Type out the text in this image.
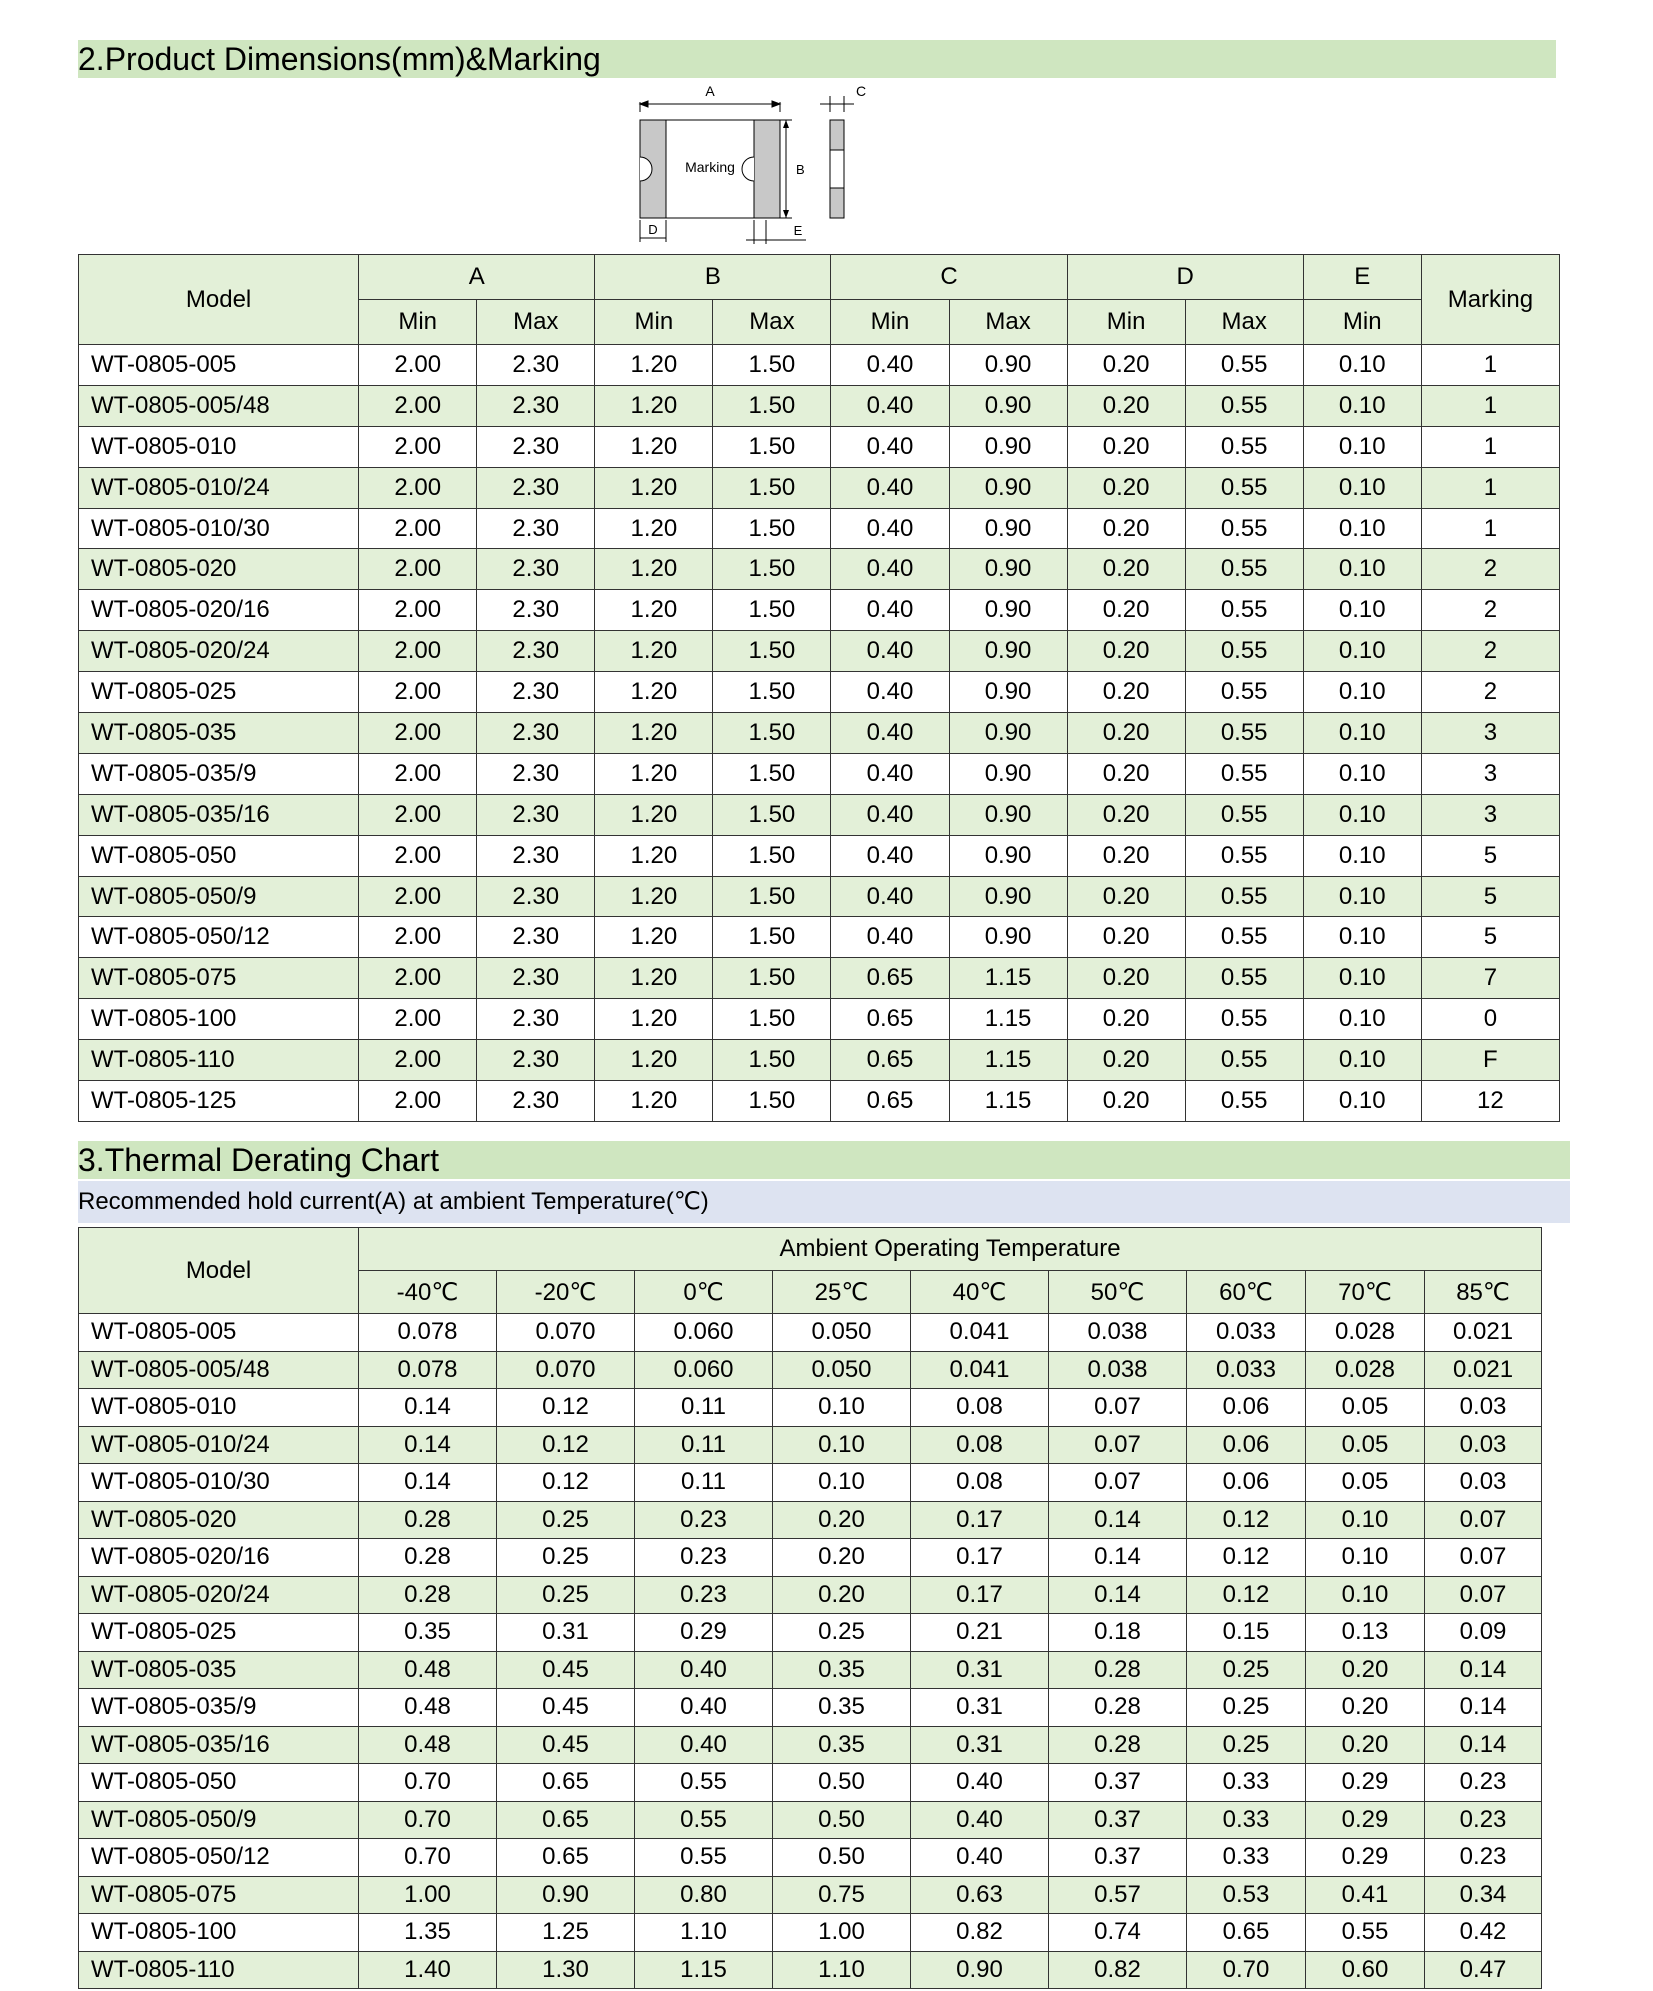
2.Product Dimensions(mm)&Marking
A
Marking	B
C
D	E
Model	A		B		C		D		E	Marking
	Min	Max	Min	Max	Min	Max	Min	Max	Min	
WT-0805-005	2.00	2.30	1.20	1.50	0.40	0.90	0.20	0.55	0.10	1
WT-0805-005/48	2.00	2.30	1.20	1.50	0.40	0.90	0.20	0.55	0.10	1
WT-0805-010	2.00	2.30	1.20	1.50	0.40	0.90	0.20	0.55	0.10	1
WT-0805-010/24	2.00	2.30	1.20	1.50	0.40	0.90	0.20	0.55	0.10	1
WT-0805-010/30	2.00	2.30	1.20	1.50	0.40	0.90	0.20	0.55	0.10	1
WT-0805-020	2.00	2.30	1.20	1.50	0.40	0.90	0.20	0.55	0.10	2
WT-0805-020/16	2.00	2.30	1.20	1.50	0.40	0.90	0.20	0.55	0.10	2
WT-0805-020/24	2.00	2.30	1.20	1.50	0.40	0.90	0.20	0.55	0.10	2
WT-0805-025	2.00	2.30	1.20	1.50	0.40	0.90	0.20	0.55	0.10	2
WT-0805-035	2.00	2.30	1.20	1.50	0.40	0.90	0.20	0.55	0.10	3
WT-0805-035/9	2.00	2.30	1.20	1.50	0.40	0.90	0.20	0.55	0.10	3
WT-0805-035/16	2.00	2.30	1.20	1.50	0.40	0.90	0.20	0.55	0.10	3
WT-0805-050	2.00	2.30	1.20	1.50	0.40	0.90	0.20	0.55	0.10	5
WT-0805-050/9	2.00	2.30	1.20	1.50	0.40	0.90	0.20	0.55	0.10	5
WT-0805-050/12	2.00	2.30	1.20	1.50	0.40	0.90	0.20	0.55	0.10	5
WT-0805-075	2.00	2.30	1.20	1.50	0.65	1.15	0.20	0.55	0.10	7
WT-0805-100	2.00	2.30	1.20	1.50	0.65	1.15	0.20	0.55	0.10	0
WT-0805-110	2.00	2.30	1.20	1.50	0.65	1.15	0.20	0.55	0.10	F
WT-0805-125	2.00	2.30	1.20	1.50	0.65	1.15	0.20	0.55	0.10	12
3.Thermal Derating Chart
Recommended hold current(A) at ambient Temperature(℃)
Model	Ambient Operating Temperature								
	-40℃	-20℃	0℃	25℃	40℃	50℃	60℃	70℃	85℃
WT-0805-005	0.078	0.070	0.060	0.050	0.041	0.038	0.033	0.028	0.021
WT-0805-005/48	0.078	0.070	0.060	0.050	0.041	0.038	0.033	0.028	0.021
WT-0805-010	0.14	0.12	0.11	0.10	0.08	0.07	0.06	0.05	0.03
WT-0805-010/24	0.14	0.12	0.11	0.10	0.08	0.07	0.06	0.05	0.03
WT-0805-010/30	0.14	0.12	0.11	0.10	0.08	0.07	0.06	0.05	0.03
WT-0805-020	0.28	0.25	0.23	0.20	0.17	0.14	0.12	0.10	0.07
WT-0805-020/16	0.28	0.25	0.23	0.20	0.17	0.14	0.12	0.10	0.07
WT-0805-020/24	0.28	0.25	0.23	0.20	0.17	0.14	0.12	0.10	0.07
WT-0805-025	0.35	0.31	0.29	0.25	0.21	0.18	0.15	0.13	0.09
WT-0805-035	0.48	0.45	0.40	0.35	0.31	0.28	0.25	0.20	0.14
WT-0805-035/9	0.48	0.45	0.40	0.35	0.31	0.28	0.25	0.20	0.14
WT-0805-035/16	0.48	0.45	0.40	0.35	0.31	0.28	0.25	0.20	0.14
WT-0805-050	0.70	0.65	0.55	0.50	0.40	0.37	0.33	0.29	0.23
WT-0805-050/9	0.70	0.65	0.55	0.50	0.40	0.37	0.33	0.29	0.23
WT-0805-050/12	0.70	0.65	0.55	0.50	0.40	0.37	0.33	0.29	0.23
WT-0805-075	1.00	0.90	0.80	0.75	0.63	0.57	0.53	0.41	0.34
WT-0805-100	1.35	1.25	1.10	1.00	0.82	0.74	0.65	0.55	0.42
WT-0805-110	1.40	1.30	1.15	1.10	0.90	0.82	0.70	0.60	0.47
